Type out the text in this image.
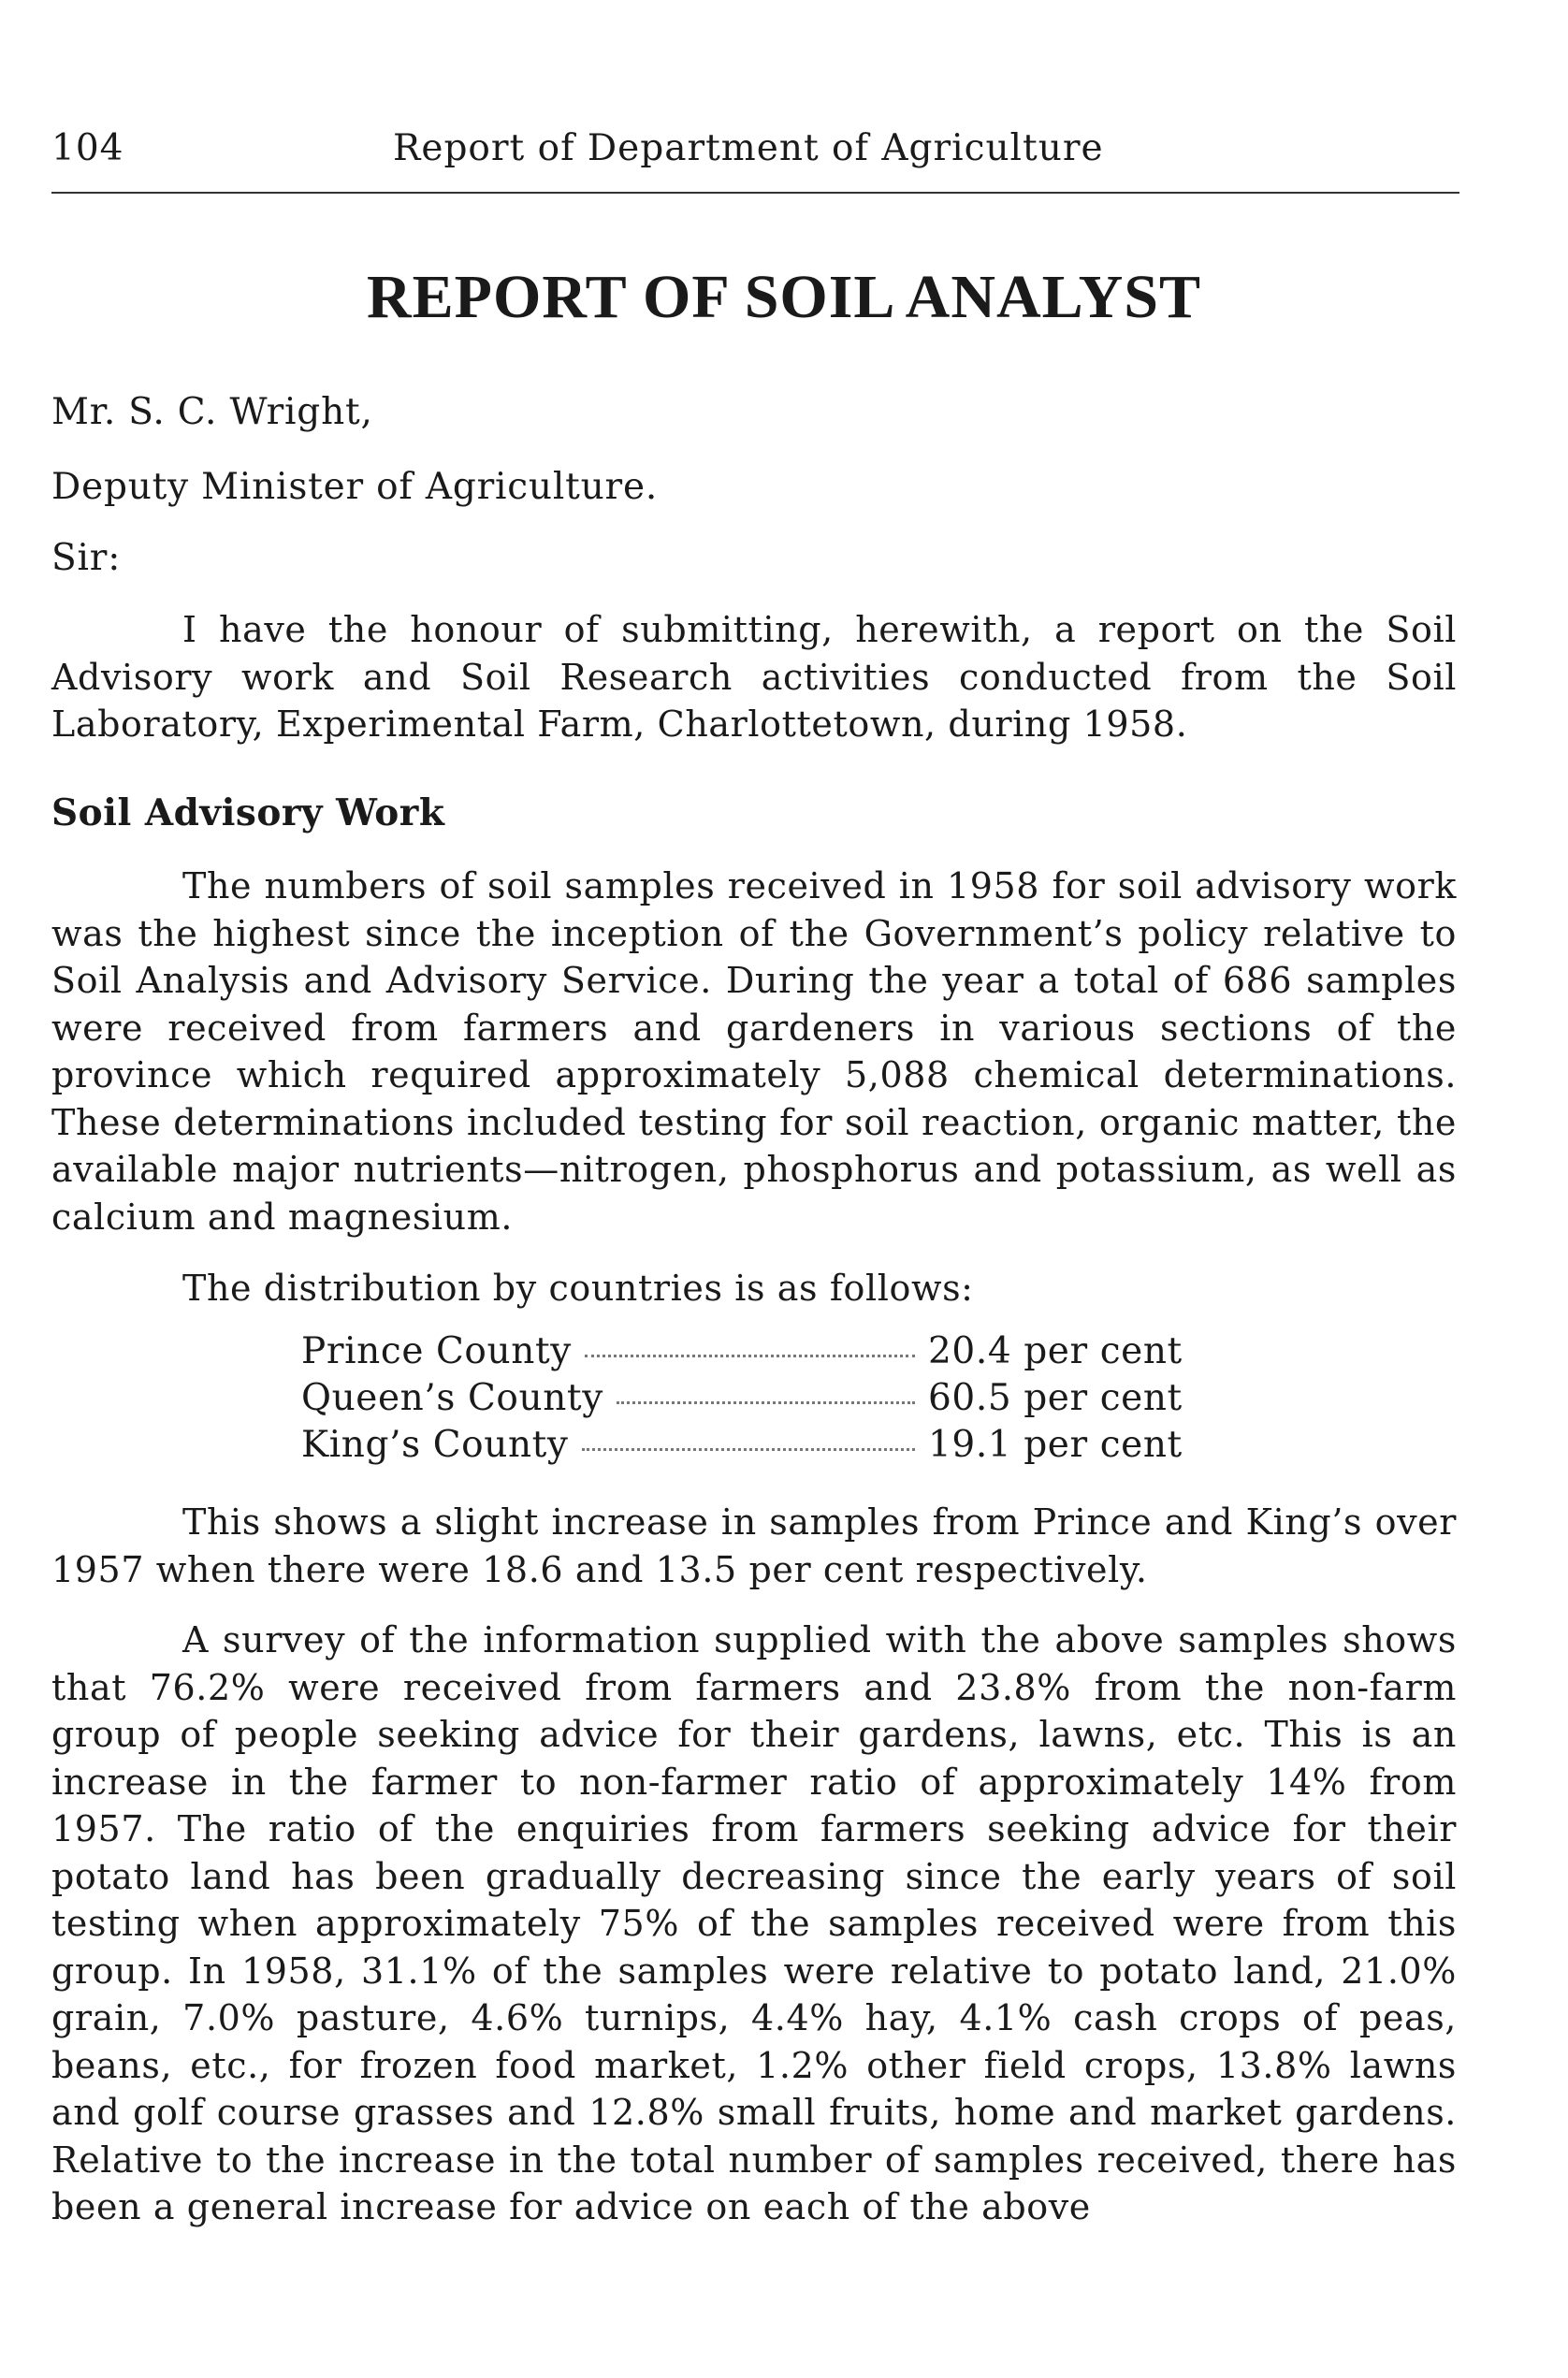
104	Report of Department of Agriculture
REPORT OF SOIL ANALYST
Mr. S. C. Wright,
Deputy Minister of Agriculture.
Sir:

I have the honour of submitting, herewith, a report on the Soil Advisory work and Soil Research activities conducted from the Soil Laboratory, Experimental Farm, Charlottetown, during 1958.

Soil Advisory Work

The numbers of soil samples received in 1958 for soil advisory work was the highest since the inception of the Government’s policy relative to Soil Analysis and Advisory Service. During the year a total of 686 samples were received from farmers and gardeners in various sections of the province which required approximately 5,088 chemical determinations. These determinations included testing for soil reaction, organic matter, the available major nutrients—nitrogen, phosphorus and potassium, as well as calcium and magnesium.

The distribution by countries is as follows:

Prince County	20.4 per cent
Queen’s County	60.5 per cent
King’s County	19.1 per cent

This shows a slight increase in samples from Prince and King’s over 1957 when there were 18.6 and 13.5 per cent respectively.

A survey of the information supplied with the above samples shows that 76.2% were received from farmers and 23.8% from the non-farm group of people seeking advice for their gardens, lawns, etc. This is an increase in the farmer to non-farmer ratio of approximately 14% from 1957. The ratio of the enquiries from farmers seeking advice for their potato land has been gradually decreasing since the early years of soil testing when approximately 75% of the samples received were from this group. In 1958, 31.1% of the samples were relative to potato land, 21.0% grain, 7.0% pasture, 4.6% turnips, 4.4% hay, 4.1% cash crops of peas, beans, etc., for frozen food market, 1.2% other field crops, 13.8% lawns and golf course grasses and 12.8% small fruits, home and market gardens. Relative to the increase in the total number of samples received, there has been a general increase for advice on each of the above
